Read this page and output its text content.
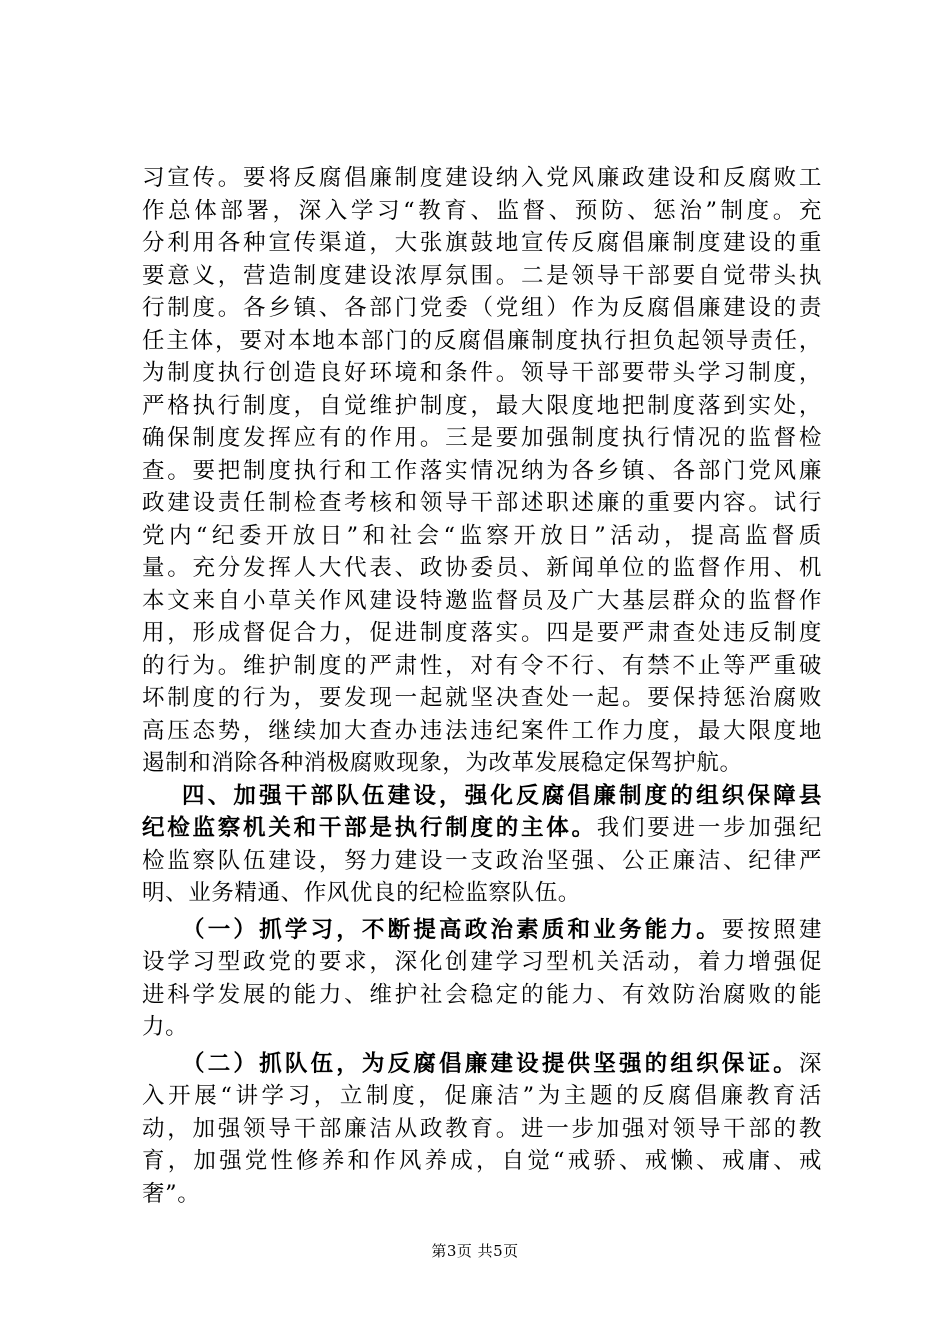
习宣传。要将反腐倡廉制度建设纳入党风廉政建设和反腐败工
作总体部署，深入学习“教育、监督、预防、惩治”制度。充
分利用各种宣传渠道，大张旗鼓地宣传反腐倡廉制度建设的重
要意义，营造制度建设浓厚氛围。二是领导干部要自觉带头执
行制度。各乡镇、各部门党委（党组）作为反腐倡廉建设的责
任主体，要对本地本部门的反腐倡廉制度执行担负起领导责任，
为制度执行创造良好环境和条件。领导干部要带头学习制度，
严格执行制度，自觉维护制度，最大限度地把制度落到实处，
确保制度发挥应有的作用。三是要加强制度执行情况的监督检
查。要把制度执行和工作落实情况纳为各乡镇、各部门党风廉
政建设责任制检查考核和领导干部述职述廉的重要内容。试行
党内“纪委开放日”和社会“监察开放日”活动，提高监督质
量。充分发挥人大代表、政协委员、新闻单位的监督作用、机
本文来自小草关作风建设特邀监督员及广大基层群众的监督作
用，形成督促合力，促进制度落实。四是要严肃查处违反制度
的行为。维护制度的严肃性，对有令不行、有禁不止等严重破
坏制度的行为，要发现一起就坚决查处一起。要保持惩治腐败
高压态势，继续加大查办违法违纪案件工作力度，最大限度地
遏制和消除各种消极腐败现象，为改革发展稳定保驾护航。
四、加强干部队伍建设，强化反腐倡廉制度的组织保障县
纪检监察机关和干部是执行制度的主体。我们要进一步加强纪
检监察队伍建设，努力建设一支政治坚强、公正廉洁、纪律严
明、业务精通、作风优良的纪检监察队伍。
（一）抓学习，不断提高政治素质和业务能力。要按照建
设学习型政党的要求，深化创建学习型机关活动，着力增强促
进科学发展的能力、维护社会稳定的能力、有效防治腐败的能
力。
（二）抓队伍，为反腐倡廉建设提供坚强的组织保证。深
入开展“讲学习，立制度，促廉洁”为主题的反腐倡廉教育活
动，加强领导干部廉洁从政教育。进一步加强对领导干部的教
育，加强党性修养和作风养成，自觉“戒骄、戒懒、戒庸、戒
奢”。
第3页 共5页
